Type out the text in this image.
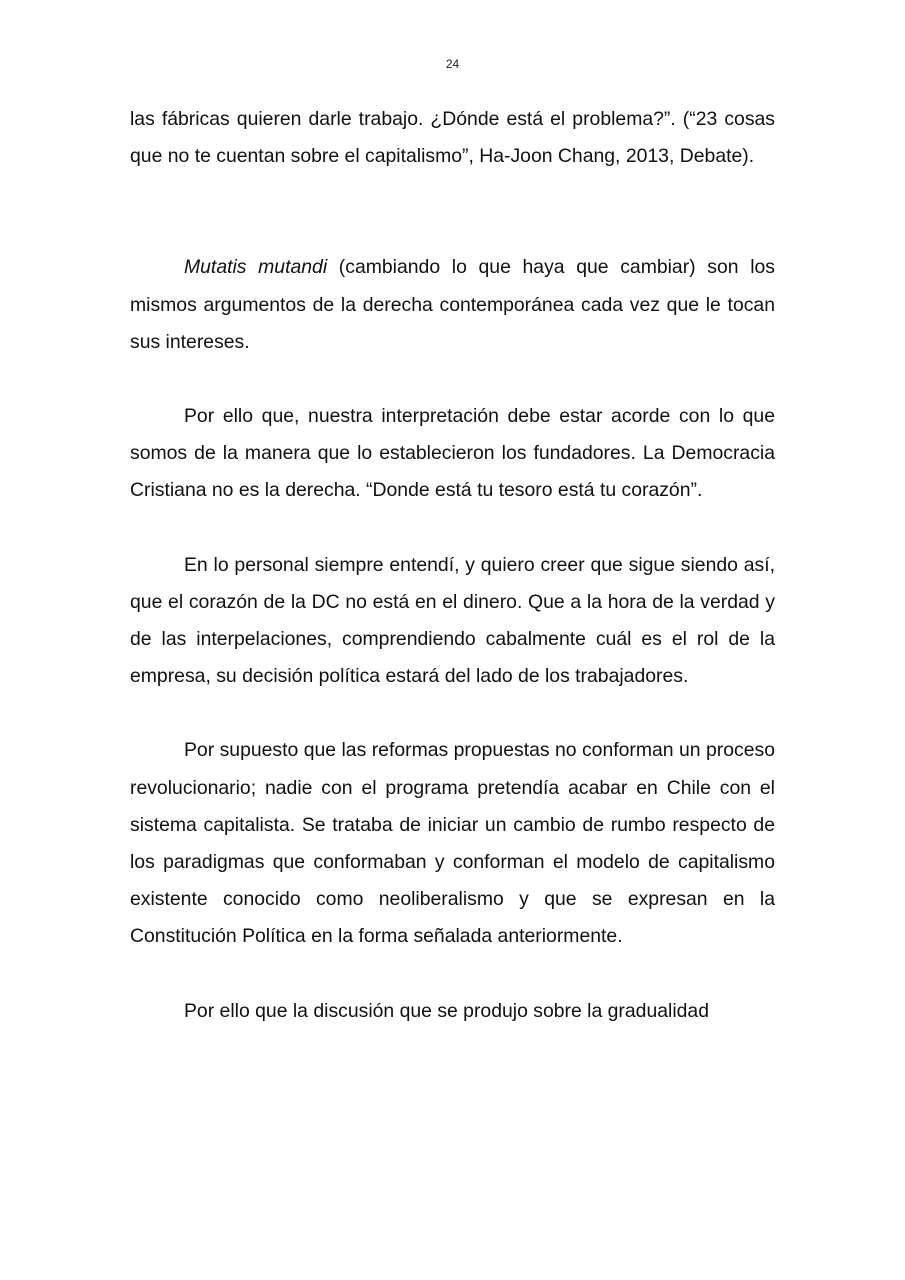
24

las fábricas quieren darle trabajo. ¿Dónde está el problema?”. (“23 cosas que no te cuentan sobre el capitalismo”, Ha-Joon Chang, 2013, Debate).

Mutatis mutandi (cambiando lo que haya que cambiar) son los mismos argumentos de la derecha contemporánea cada vez que le tocan sus intereses.

Por ello que, nuestra interpretación debe estar acorde con lo que somos de la manera que lo establecieron los fundadores. La Democracia Cristiana no es la derecha. “Donde está tu tesoro está tu corazón”.

En lo personal siempre entendí, y quiero creer que sigue siendo así, que el corazón de la DC no está en el dinero. Que a la hora de la verdad y de las interpelaciones, comprendiendo cabalmente cuál es el rol de la empresa, su decisión política estará del lado de los trabajadores.

Por supuesto que las reformas propuestas no conforman un proceso revolucionario; nadie con el programa pretendía acabar en Chile con el sistema capitalista. Se trataba de iniciar un cambio de rumbo respecto de los paradigmas que conformaban y conforman el modelo de capitalismo existente conocido como neoliberalismo y que se expresan en la Constitución Política en la forma señalada anteriormente.

Por ello que la discusión que se produjo sobre la gradualidad
